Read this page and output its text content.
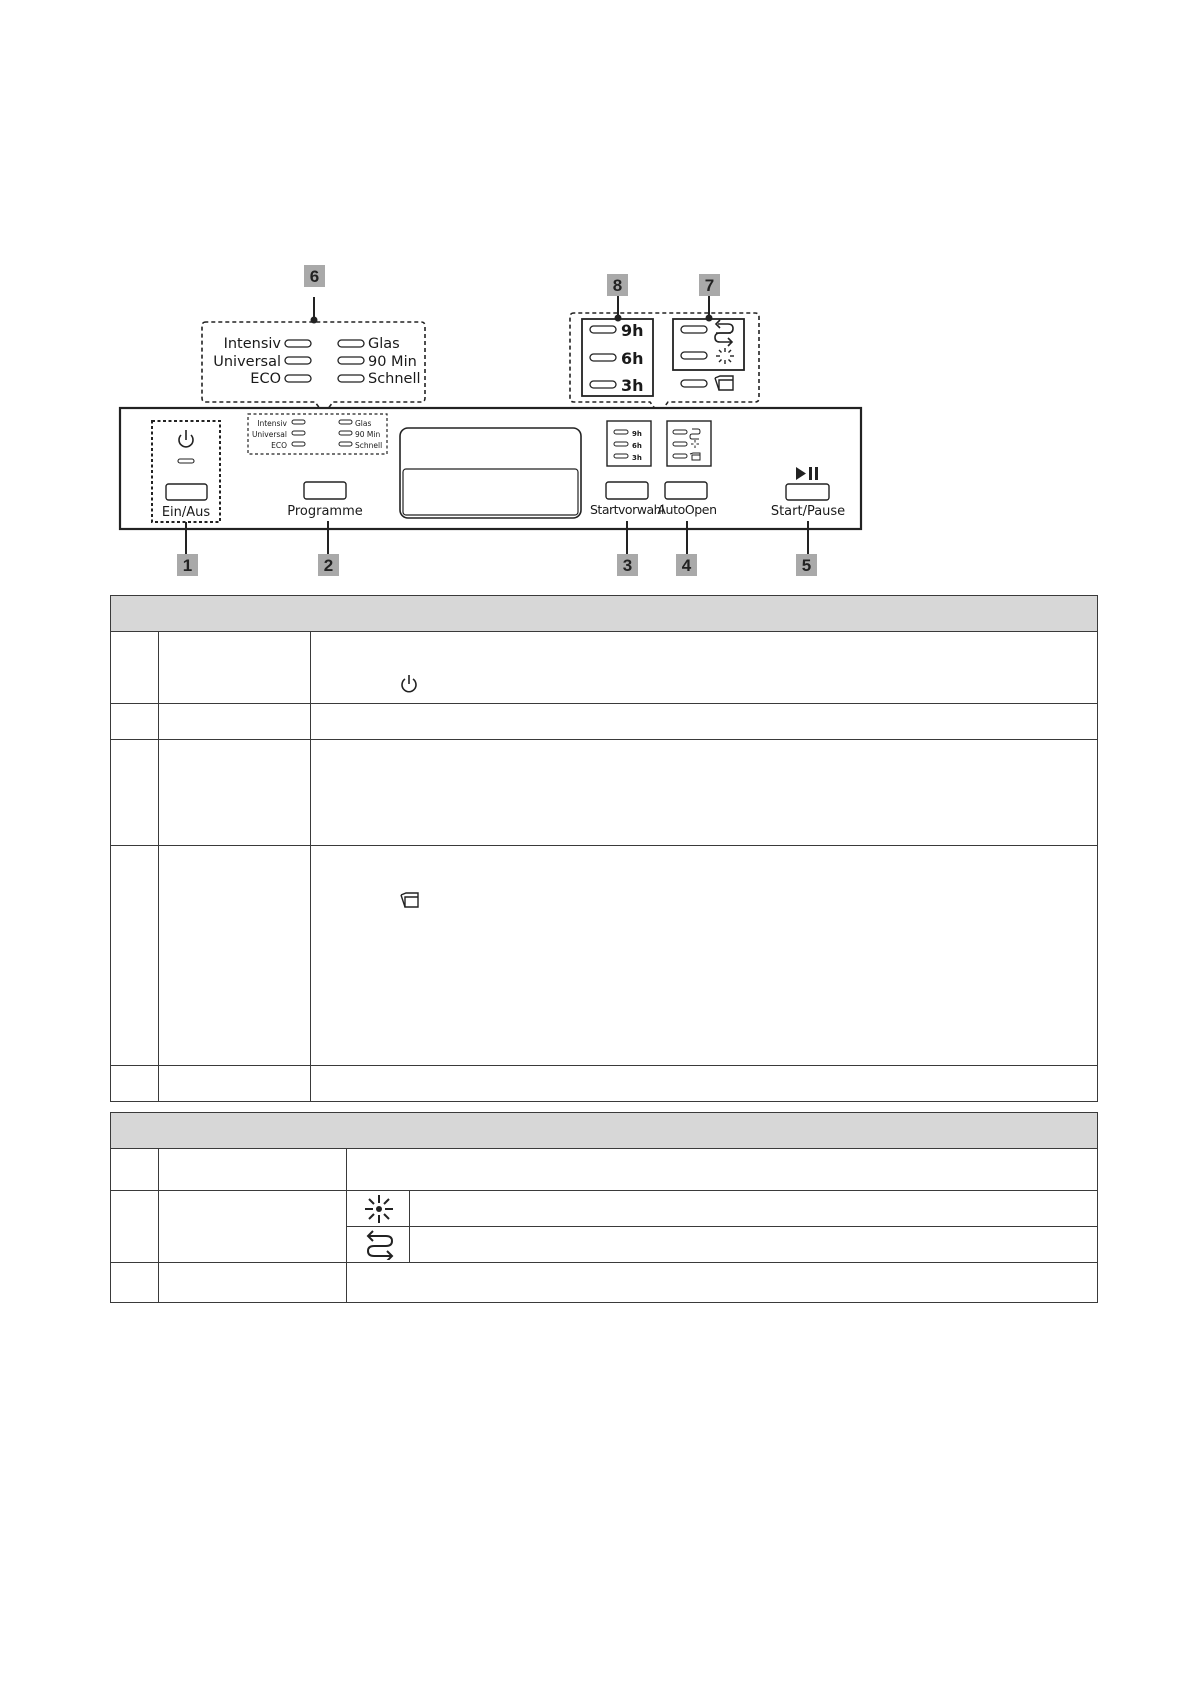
Intensiv
Universal
ECO
Glas
90 Min
Schnell
9h
6h
3h
Ein/Aus
Intensiv
Universal
ECO
Glas
90 Min
Schnell
Programme
9h
6h
3h
Startvorwahl
AutoOpen	Start/Pause
1	2	3	4	5
6	7
8
